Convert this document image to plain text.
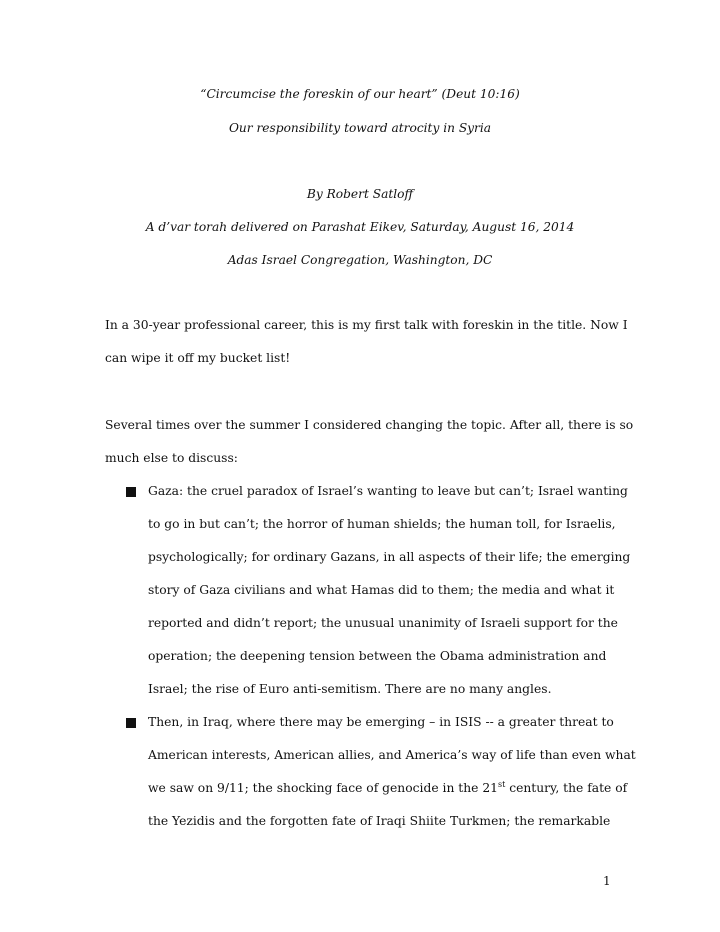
“Circumcise the foreskin of our heart” (Deut 10:16)
Our responsibility toward atrocity in Syria
By Robert Satloff
A d’var torah delivered on Parashat Eikev, Saturday, August 16, 2014
Adas Israel Congregation, Washington, DC
In a 30-year professional career, this is my first talk with foreskin in the title. Now I
can wipe it off my bucket list!
Several times over the summer I considered changing the topic. After all, there is so
much else to discuss:
Gaza: the cruel paradox of Israel’s wanting to leave but can’t; Israel wanting
to go in but can’t; the horror of human shields; the human toll, for Israelis,
psychologically; for ordinary Gazans, in all aspects of their life; the emerging
story of Gaza civilians and what Hamas did to them; the media and what it
reported and didn’t report; the unusual unanimity of Israeli support for the
operation; the deepening tension between the Obama administration and
Israel; the rise of Euro anti-semitism. There are no many angles.
Then, in Iraq, where there may be emerging – in ISIS -- a greater threat to
American interests, American allies, and America’s way of life than even what
we saw on 9/11; the shocking face of genocide in the 21st century, the fate of
the Yezidis and the forgotten fate of Iraqi Shiite Turkmen; the remarkable
1
